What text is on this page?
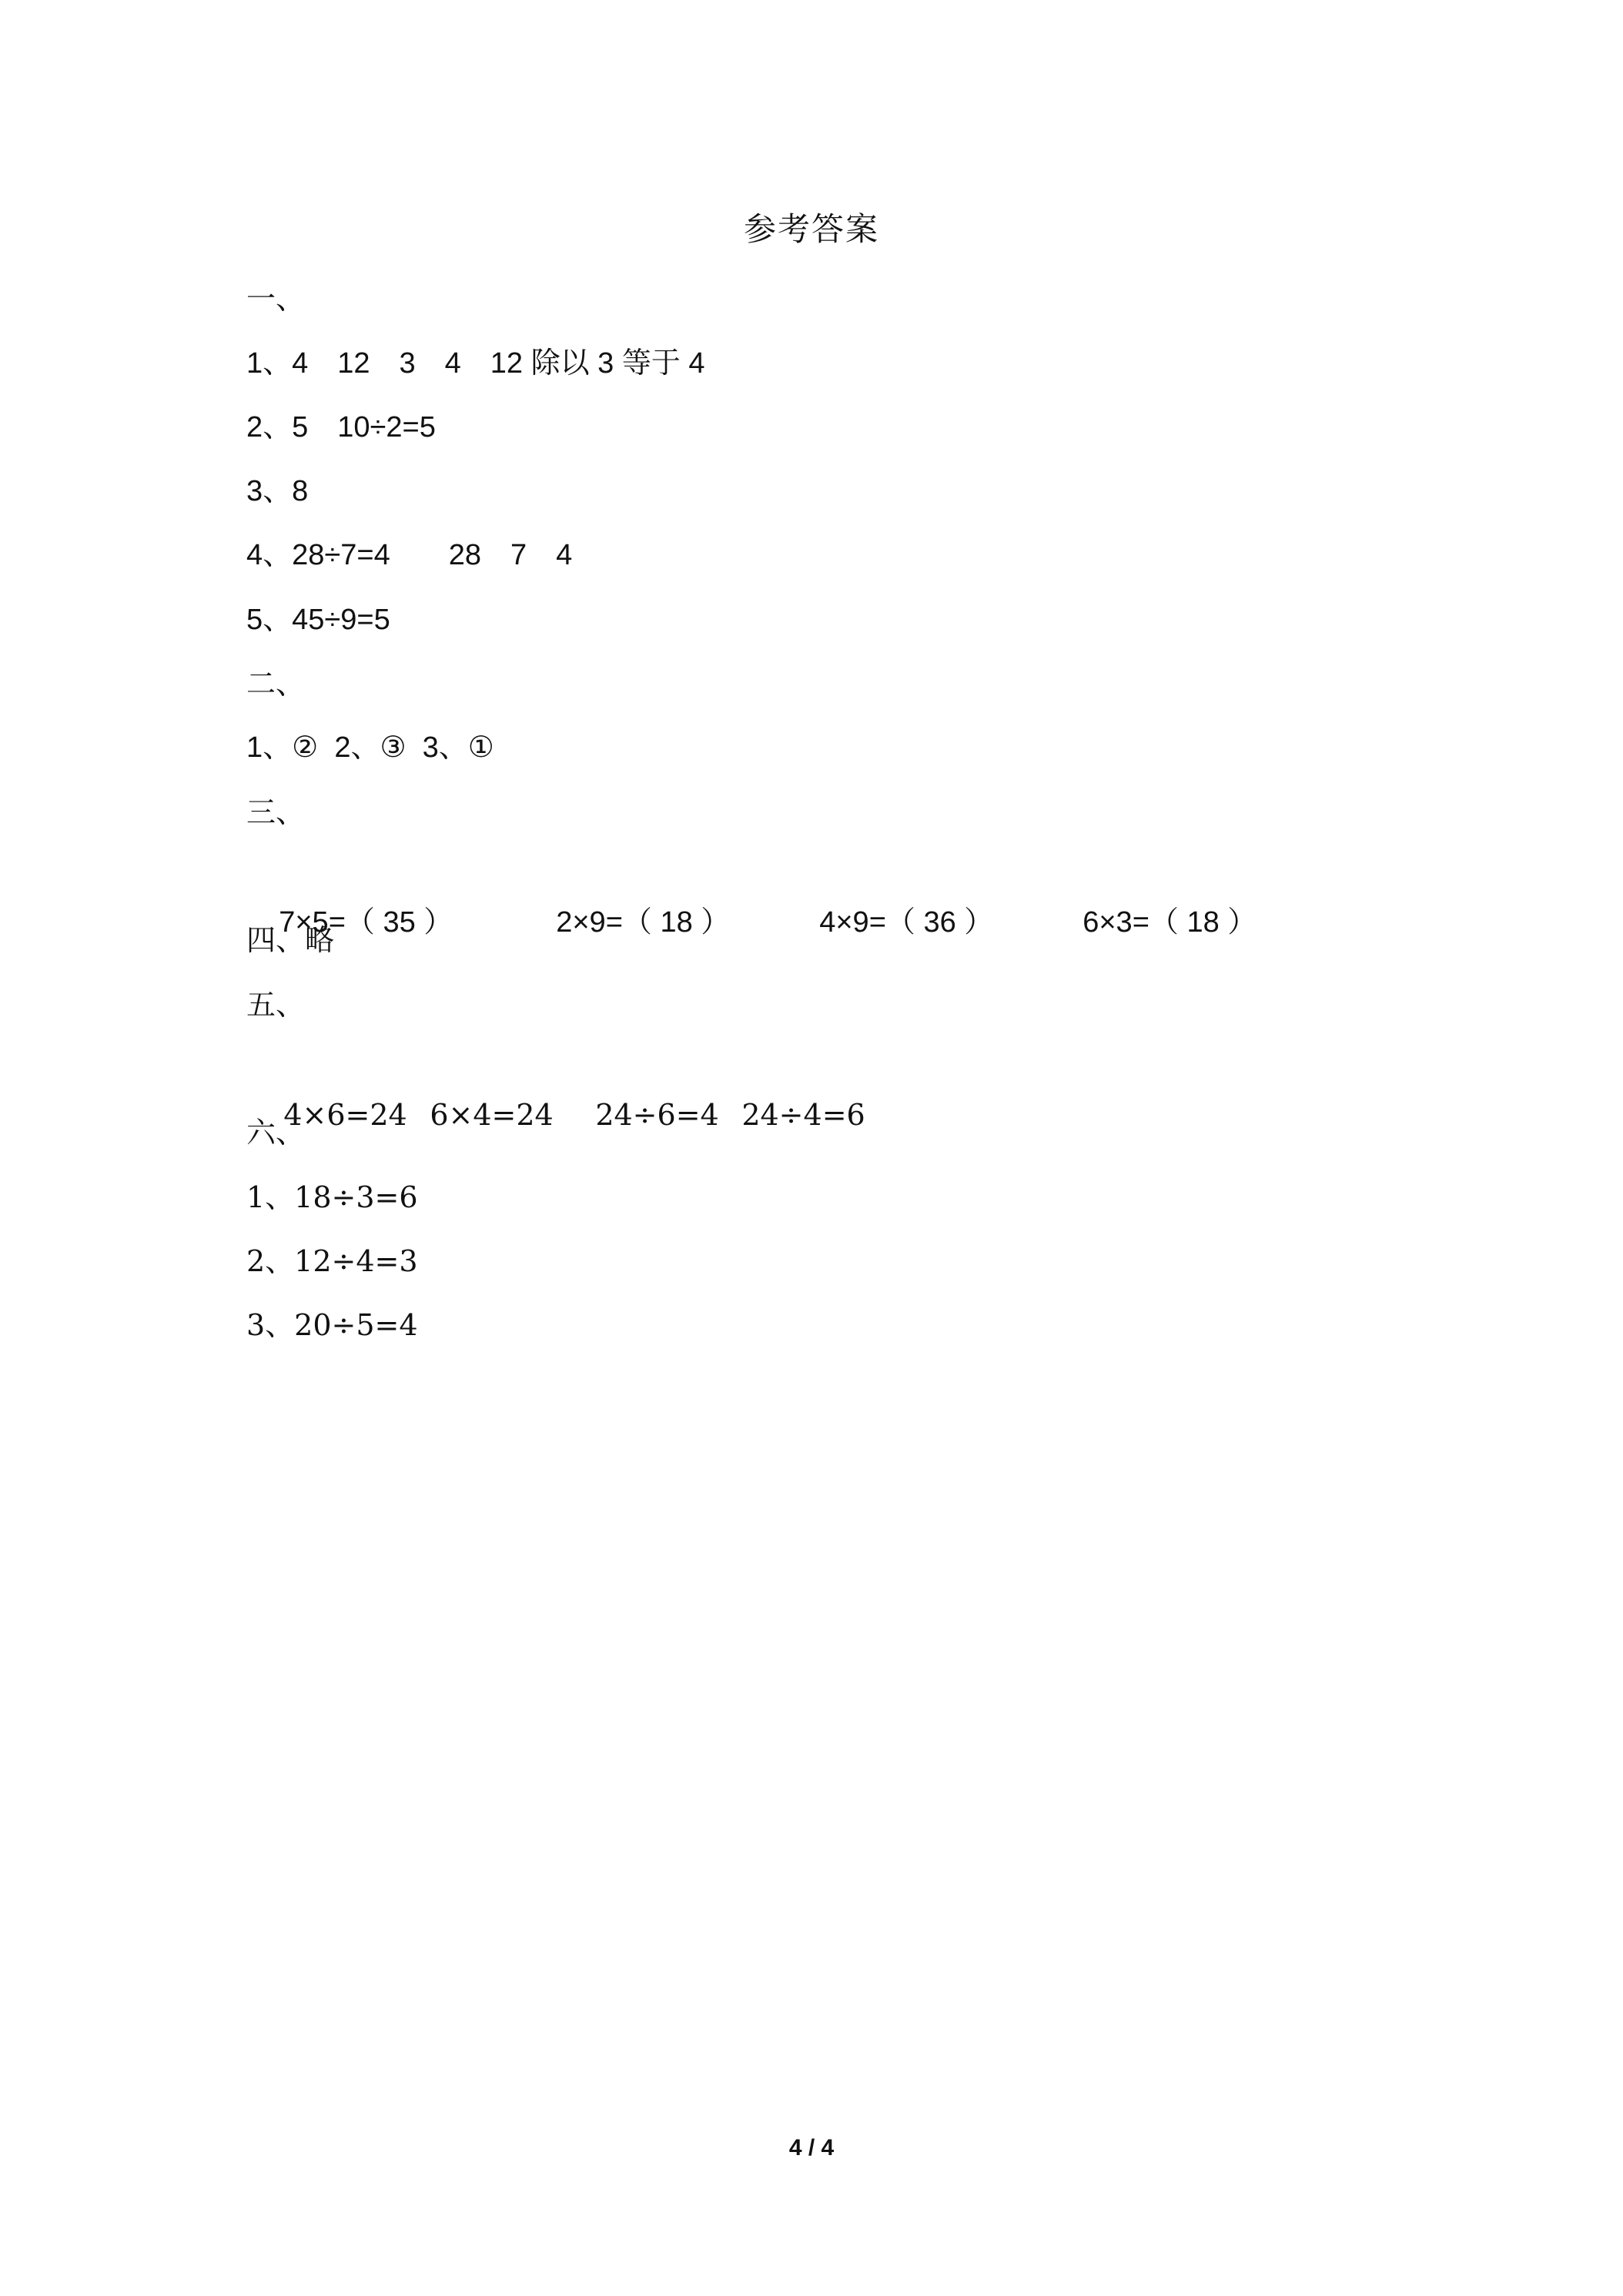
参考答案
一、
1、4　12　3　4　12 除以 3 等于 4
2、5　10÷2=5
3、8
4、28÷7=4　　28　7　4
5、45÷9=5
二、
1、②  2、③  3、①
三、

7×5=（ 35 ）	2×9=（ 18 ）	4×9=（ 36 ）	6×3=（ 18 ）

四、略
五、

4×6=24 6×4=24 24÷6=4 24÷4=6

六、
1、18÷3=6
2、12÷4=3
3、20÷5=4
4 / 4
